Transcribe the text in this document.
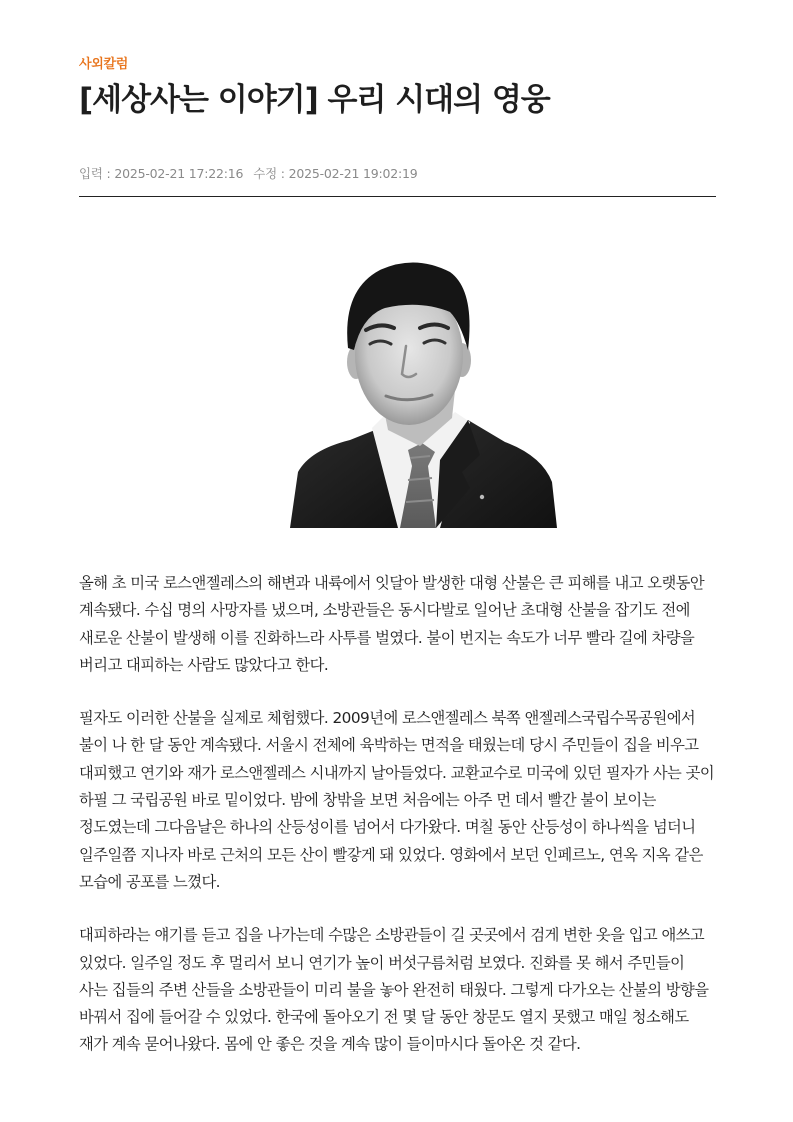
사외칼럼
[세상사는 이야기] 우리 시대의 영웅
입력 : 2025-02-21 17:22:16 수정 : 2025-02-21 19:02:19

올해 초 미국 로스앤젤레스의 해변과 내륙에서 잇달아 발생한 대형 산불은 큰 피해를 내고 오랫동안 계속됐다. 수십 명의 사망자를 냈으며, 소방관들은 동시다발로 일어난 초대형 산불을 잡기도 전에 새로운 산불이 발생해 이를 진화하느라 사투를 벌였다. 불이 번지는 속도가 너무 빨라 길에 차량을 버리고 대피하는 사람도 많았다고 한다.

필자도 이러한 산불을 실제로 체험했다. 2009년에 로스앤젤레스 북쪽 앤젤레스국립수목공원에서 불이 나 한 달 동안 계속됐다. 서울시 전체에 육박하는 면적을 태웠는데 당시 주민들이 집을 비우고 대피했고 연기와 재가 로스앤젤레스 시내까지 날아들었다. 교환교수로 미국에 있던 필자가 사는 곳이 하필 그 국립공원 바로 밑이었다. 밤에 창밖을 보면 처음에는 아주 먼 데서 빨간 불이 보이는 정도였는데 그다음날은 하나의 산등성이를 넘어서 다가왔다. 며칠 동안 산등성이 하나씩을 넘더니 일주일쯤 지나자 바로 근처의 모든 산이 빨갛게 돼 있었다. 영화에서 보던 인페르노, 연옥 지옥 같은 모습에 공포를 느꼈다.

대피하라는 얘기를 듣고 집을 나가는데 수많은 소방관들이 길 곳곳에서 검게 변한 옷을 입고 애쓰고 있었다. 일주일 정도 후 멀리서 보니 연기가 높이 버섯구름처럼 보였다. 진화를 못 해서 주민들이 사는 집들의 주변 산들을 소방관들이 미리 불을 놓아 완전히 태웠다. 그렇게 다가오는 산불의 방향을 바꿔서 집에 들어갈 수 있었다. 한국에 돌아오기 전 몇 달 동안 창문도 열지 못했고 매일 청소해도 재가 계속 묻어나왔다. 몸에 안 좋은 것을 계속 많이 들이마시다 돌아온 것 같다.
